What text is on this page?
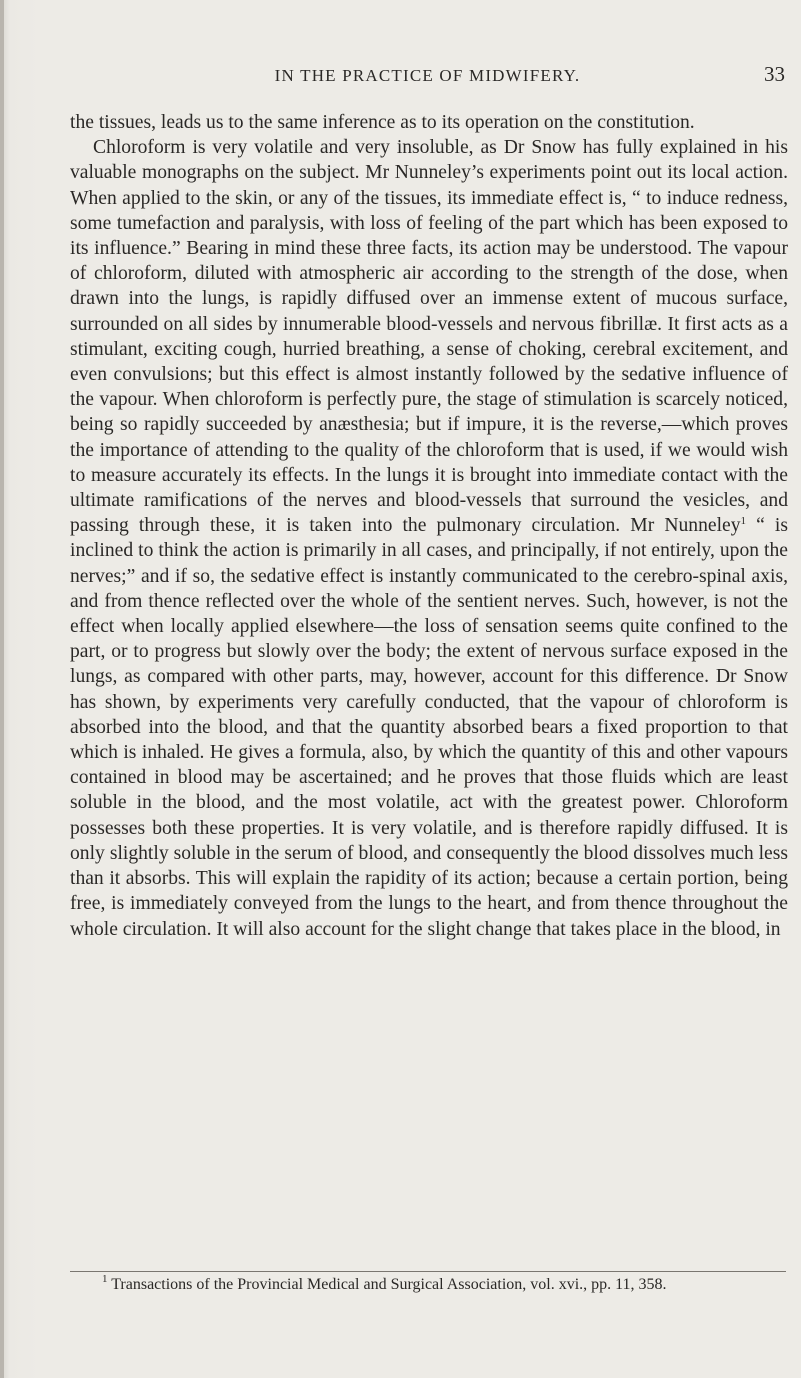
IN THE PRACTICE OF MIDWIFERY.	33

the tissues, leads us to the same inference as to its operation on the constitution.

Chloroform is very volatile and very insoluble, as Dr Snow has fully explained in his valuable monographs on the subject. Mr Nunneley’s experiments point out its local action. When applied to the skin, or any of the tissues, its immediate effect is, “ to induce redness, some tumefaction and paralysis, with loss of feeling of the part which has been exposed to its influence.” Bearing in mind these three facts, its action may be understood. The vapour of chloroform, diluted with atmospheric air according to the strength of the dose, when drawn into the lungs, is rapidly diffused over an immense extent of mucous surface, surrounded on all sides by innumerable blood-vessels and nervous fibrillæ. It first acts as a stimulant, exciting cough, hurried breathing, a sense of choking, cerebral excitement, and even convulsions; but this effect is almost instantly followed by the sedative influence of the vapour. When chloroform is perfectly pure, the stage of stimulation is scarcely noticed, being so rapidly succeeded by anæsthesia; but if impure, it is the reverse,—which proves the importance of attending to the quality of the chloroform that is used, if we would wish to measure accurately its effects. In the lungs it is brought into immediate contact with the ultimate ramifications of the nerves and blood-vessels that surround the vesicles, and passing through these, it is taken into the pulmonary circulation. Mr Nunneley$^1$ “ is inclined to think the action is primarily in all cases, and principally, if not entirely, upon the nerves;” and if so, the sedative effect is instantly communicated to the cerebro-spinal axis, and from thence reflected over the whole of the sentient nerves. Such, however, is not the effect when locally applied elsewhere—the loss of sensation seems quite confined to the part, or to progress but slowly over the body; the extent of nervous surface exposed in the lungs, as compared with other parts, may, however, account for this difference. Dr Snow has shown, by experiments very carefully conducted, that the vapour of chloroform is absorbed into the blood, and that the quantity absorbed bears a fixed proportion to that which is inhaled. He gives a formula, also, by which the quantity of this and other vapours contained in blood may be ascertained; and he proves that those fluids which are least soluble in the blood, and the most volatile, act with the greatest power. Chloroform possesses both these properties. It is very volatile, and is therefore rapidly diffused. It is only slightly soluble in the serum of blood, and consequently the blood dissolves much less than it absorbs. This will explain the rapidity of its action; because a certain portion, being free, is immediately conveyed from the lungs to the heart, and from thence throughout the whole circulation. It will also account for the slight change that takes place in the blood, in

$^1$ Transactions of the Provincial Medical and Surgical Association, vol. xvi., pp. 11, 358.
